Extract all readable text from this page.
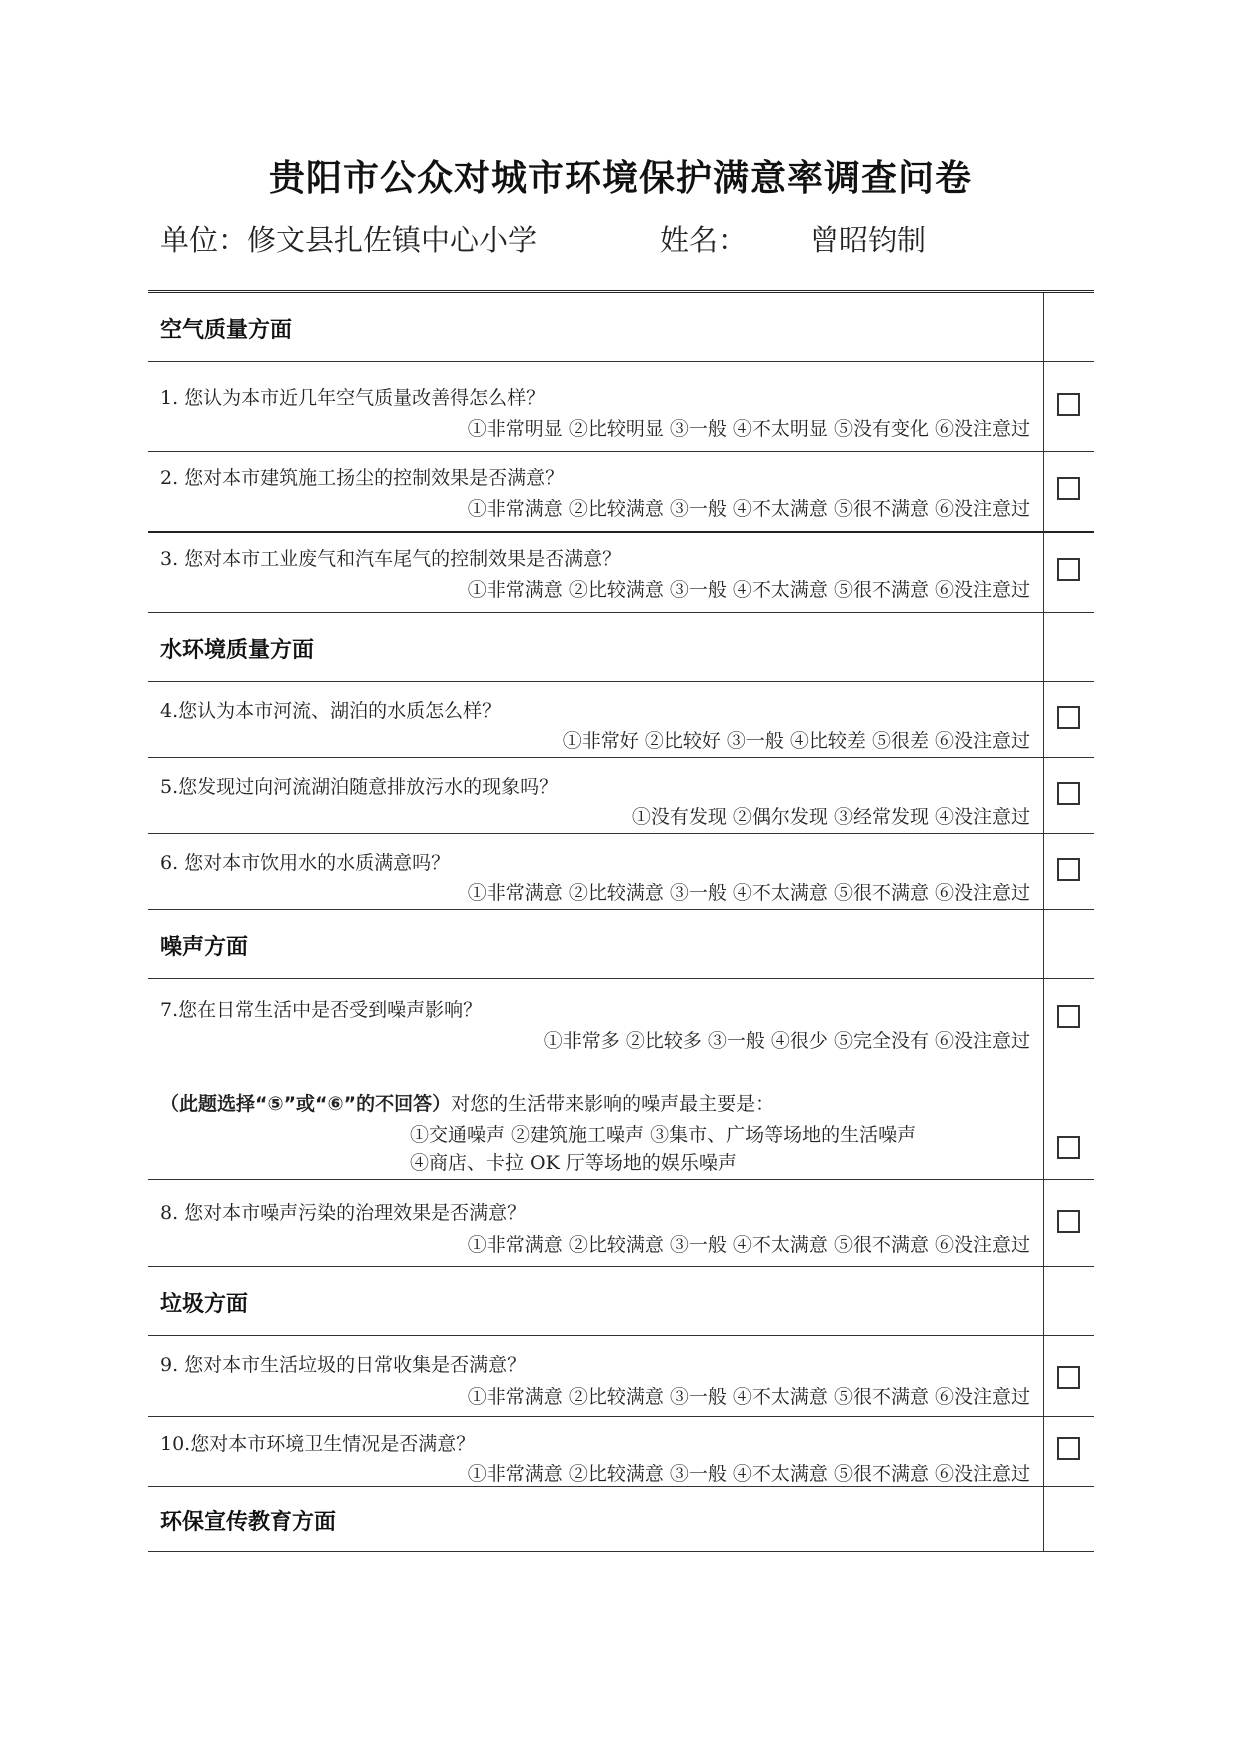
贵阳市公众对城市环境保护满意率调查问卷
单位：修文县扎佐镇中心小学	姓名： 曾昭钧制
空气质量方面
1. 您认为本市近几年空气质量改善得怎么样？
①非常明显 ②比较明显 ③一般 ④不太明显 ⑤没有变化 ⑥没注意过
2. 您对本市建筑施工扬尘的控制效果是否满意？
①非常满意 ②比较满意 ③一般 ④不太满意 ⑤很不满意 ⑥没注意过
3. 您对本市工业废气和汽车尾气的控制效果是否满意？
①非常满意 ②比较满意 ③一般 ④不太满意 ⑤很不满意 ⑥没注意过
水环境质量方面
4.您认为本市河流、湖泊的水质怎么样？
①非常好 ②比较好 ③一般 ④比较差 ⑤很差 ⑥没注意过
5.您发现过向河流湖泊随意排放污水的现象吗？
①没有发现 ②偶尔发现 ③经常发现 ④没注意过
6. 您对本市饮用水的水质满意吗？
①非常满意 ②比较满意 ③一般 ④不太满意 ⑤很不满意 ⑥没注意过
噪声方面
7.您在日常生活中是否受到噪声影响？
①非常多 ②比较多 ③一般 ④很少 ⑤完全没有 ⑥没注意过
（此题选择“⑤”或“⑥”的不回答）对您的生活带来影响的噪声最主要是：
①交通噪声 ②建筑施工噪声 ③集市、广场等场地的生活噪声
④商店、卡拉 OK 厅等场地的娱乐噪声
8. 您对本市噪声污染的治理效果是否满意？
①非常满意 ②比较满意 ③一般 ④不太满意 ⑤很不满意 ⑥没注意过
垃圾方面
9. 您对本市生活垃圾的日常收集是否满意？
①非常满意 ②比较满意 ③一般 ④不太满意 ⑤很不满意 ⑥没注意过
10.您对本市环境卫生情况是否满意？
①非常满意 ②比较满意 ③一般 ④不太满意 ⑤很不满意 ⑥没注意过
环保宣传教育方面
